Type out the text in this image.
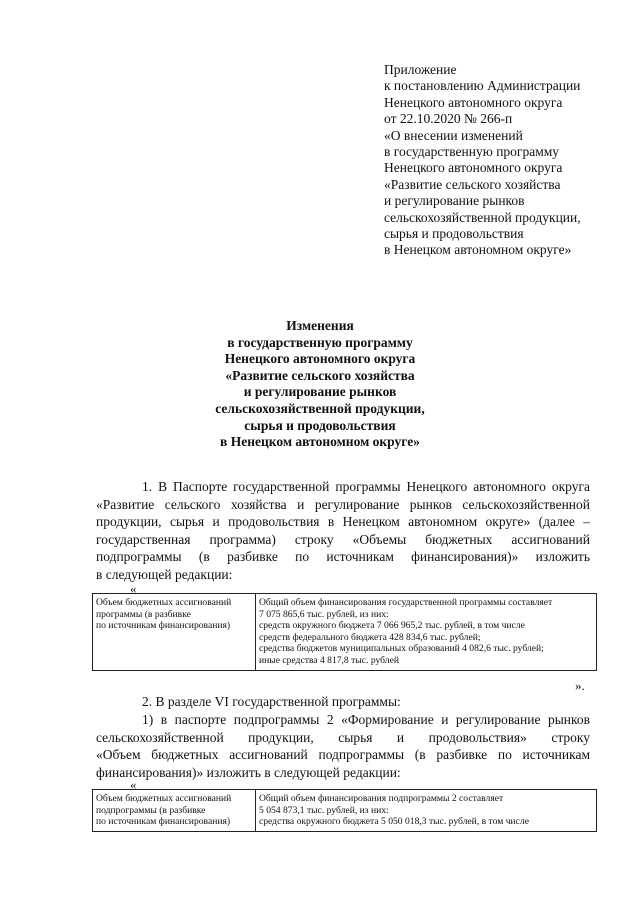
Приложение
к постановлению Администрации
Ненецкого автономного округа
от 22.10.2020 № 266-п
«О внесении изменений
в государственную программу
Ненецкого автономного округа
«Развитие сельского хозяйства
и регулирование рынков
сельскохозяйственной продукции,
сырья и продовольствия
в Ненецком автономном округе»
Изменения
в государственную программу
Ненецкого автономного округа
«Развитие сельского хозяйства
и регулирование рынков
сельскохозяйственной продукции,
сырья и продовольствия
в Ненецком автономном округе»
1. В Паспорте государственной программы Ненецкого автономного округа
«Развитие сельского хозяйства и регулирование рынков сельскохозяйственной
продукции, сырья и продовольствия в Ненецком автономном округе» (далее –
государственная программа) строку «Объемы бюджетных ассигнований
подпрограммы (в разбивке по источникам финансирования)» изложить
в следующей редакции:
«
Объем бюджетных ассигнований
программы (в разбивке
по источникам финансирования)

Общий объем финансирования государственной программы составляет
7 075 865,6 тыс. рублей, из них:
средств окружного бюджета 7 066 965,2 тыс. рублей, в том числе
средств федерального бюджета 428 834,6 тыс. рублей;
средства бюджетов муниципальных образований 4 082,6 тыс. рублей;
иные средства 4 817,8 тыс. рублей
».
2. В разделе VI государственной программы:
1) в паспорте подпрограммы 2 «Формирование и регулирование рынков
сельскохозяйственной продукции, сырья и продовольствия» строку
«Объем бюджетных ассигнований подпрограммы (в разбивке по источникам
финансирования)» изложить в следующей редакции:
«
Объем бюджетных ассигнований
подпрограммы (в разбивке
по источникам финансирования)

Общий объем финансирования подпрограммы 2 составляет
5 054 873,1 тыс. рублей, из них:
средства окружного бюджета 5 050 018,3 тыс. рублей, в том числе
